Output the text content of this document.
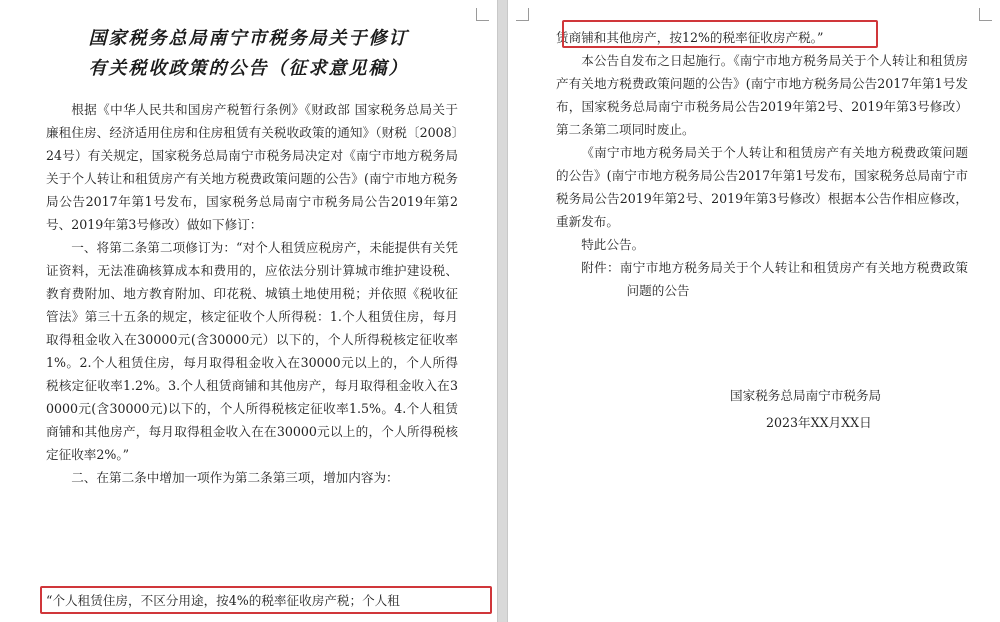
国家税务总局南宁市税务局关于修订
有关税收政策的公告（征求意见稿）

根据《中华人民共和国房产税暂行条例》《财政部 国家税务总局关于廉租住房、经济适用住房和住房租赁有关税收政策的通知》（财税〔2008〕24号）有关规定，国家税务总局南宁市税务局决定对《南宁市地方税务局关于个人转让和租赁房产有关地方税费政策问题的公告》(南宁市地方税务局公告2017年第1号发布，国家税务总局南宁市税务局公告2019年第2号、2019年第3号修改）做如下修订：

一、将第二条第二项修订为：“对个人租赁应税房产，未能提供有关凭证资料，无法准确核算成本和费用的，应依法分别计算城市维护建设税、教育费附加、地方教育附加、印花税、城镇土地使用税；并依照《税收征管法》第三十五条的规定，核定征收个人所得税：1.个人租赁住房，每月取得租金收入在30000元(含30000元）以下的，个人所得税核定征收率1%。2.个人租赁住房，每月取得租金收入在30000元以上的，个人所得税核定征收率1.2%。3.个人租赁商铺和其他房产，每月取得租金收入在30000元(含30000元)以下的，个人所得税核定征收率1.5%。4.个人租赁商铺和其他房产，每月取得租金收入在在30000元以上的，个人所得税核定征收率2%。”

二、在第二条中增加一项作为第二条第三项，增加内容为：

“个人租赁住房，不区分用途，按4%的税率征收房产税；个人租

赁商铺和其他房产，按12%的税率征收房产税。”

本公告自发布之日起施行。《南宁市地方税务局关于个人转让和租赁房产有关地方税费政策问题的公告》(南宁市地方税务局公告2017年第1号发布，国家税务总局南宁市税务局公告2019年第2号、2019年第3号修改）第二条第二项同时废止。

《南宁市地方税务局关于个人转让和租赁房产有关地方税费政策问题的公告》(南宁市地方税务局公告2017年第1号发布，国家税务总局南宁市税务局公告2019年第2号、2019年第3号修改）根据本公告作相应修改，重新发布。

特此公告。

附件：南宁市地方税务局关于个人转让和租赁房产有关地方税费政策问题的公告

国家税务总局南宁市税务局
2023年XX月XX日
